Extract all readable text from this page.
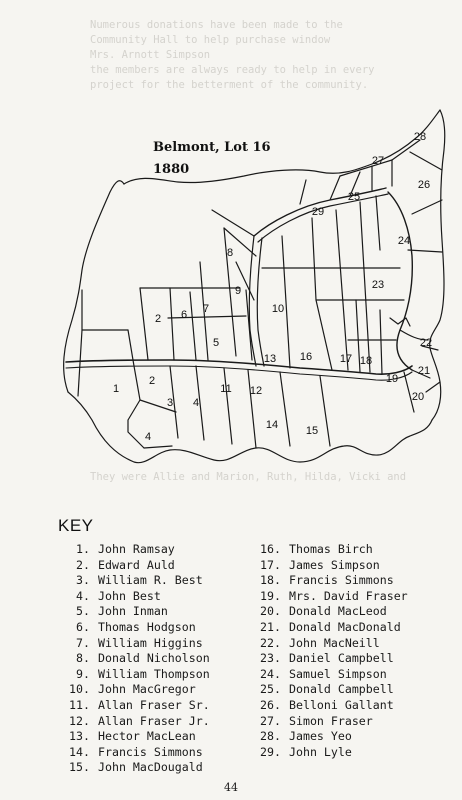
Numerous donations have been made to the
Community Hall to help purchase window
Mrs. Arnott Simpson
the members are always ready to help in every
project for the betterment of the community.
They were Allie and Marion, Ruth, Hilda, Vicki and
1
2
2
3 4
4
5
6 7
8
9
10
11 12
13
14	15
16	17 18
19
20
21
22
23
24
25
26
27
28
29
Belmont, Lot 16
1880
KEY
1. John Ramsay
2. Edward Auld
3. William R. Best
4. John Best
5. John Inman
6. Thomas Hodgson
7. William Higgins
8. Donald Nicholson
9. William Thompson
10. John MacGregor
11. Allan Fraser Sr.
12. Allan Fraser Jr.
13. Hector MacLean
14. Francis Simmons
15. John MacDougald
16. Thomas Birch
17. James Simpson
18. Francis Simmons
19. Mrs. David Fraser
20. Donald MacLeod
21. Donald MacDonald
22. John MacNeill
23. Daniel Campbell
24. Samuel Simpson
25. Donald Campbell
26. Belloni Gallant
27. Simon Fraser
28. James Yeo
29. John Lyle
44
